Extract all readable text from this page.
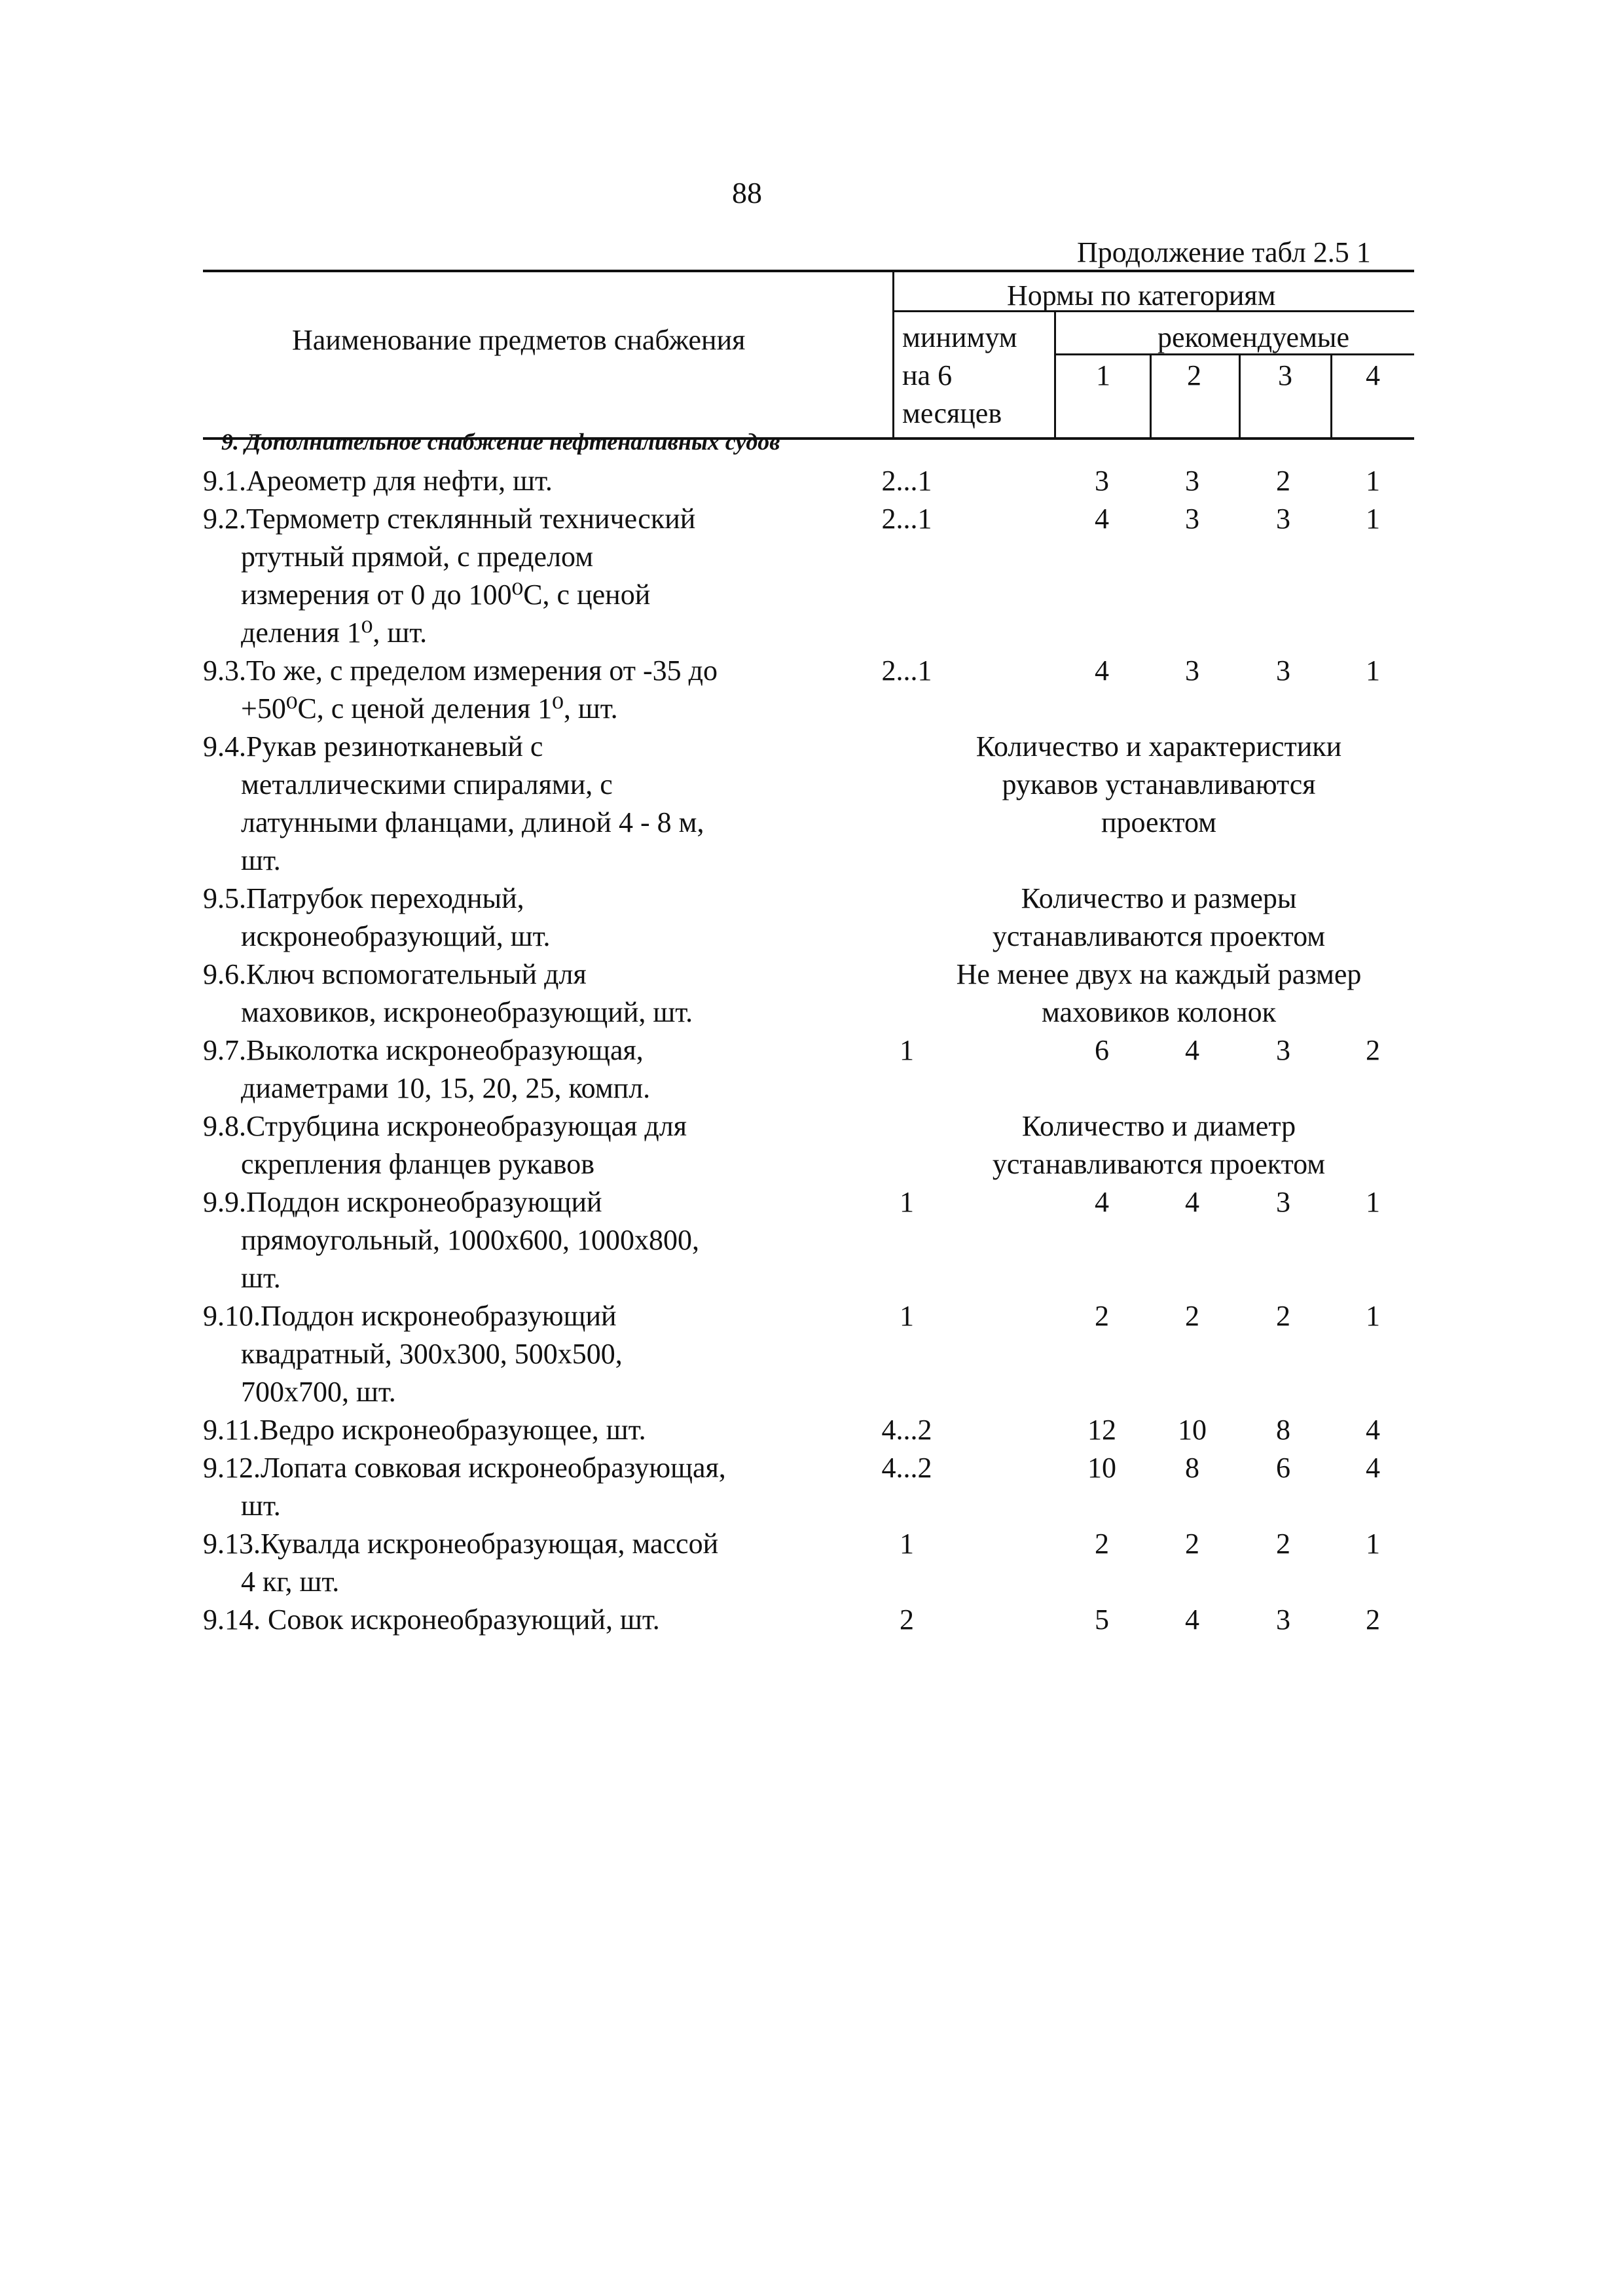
88
Продолжение табл 2.5 1
Наименование предметов снабжения
Нормы по категориям
минимум
на 6
месяцев
рекомендуемые
1	2	3	4
9. Дополнительное снабжение нефтеналивных судов
9.1.Ареометр для нефти, шт.	2...1	3	3	2	1
9.2.Термометр стеклянный технический
ртутный прямой, с пределом
измерения от 0 до 100⁰С, с ценой
деления 1⁰, шт.
2...1	4	3	3	1
9.3.То же, с пределом измерения от -35 до
+50⁰С, с ценой деления 1⁰, шт.
2...1	4	3	3	1
9.4.Рукав резинотканевый с
металлическими спиралями, с
латунными фланцами, длиной 4 - 8 м,
шт.
Количество и характеристики
рукавов устанавливаются
проектом
9.5.Патрубок переходный,
искронеобразующий, шт.
Количество и размеры
устанавливаются проектом
9.6.Ключ вспомогательный для
маховиков, искронеобразующий, шт.
Не менее двух на каждый размер
маховиков колонок
9.7.Выколотка искронеобразующая,
диаметрами 10, 15, 20, 25, компл.
1	6	4	3	2
9.8.Струбцина искронеобразующая для
скрепления фланцев рукавов
Количество и диаметр
устанавливаются проектом
9.9.Поддон искронеобразующий
прямоугольный, 1000х600, 1000х800,
шт.
1	4	4	3	1
9.10.Поддон искронеобразующий
квадратный, 300х300, 500х500,
700х700, шт.
1	2	2	2	1
9.11.Ведро искронеобразующее, шт.	4...2	12	10	8	4
9.12.Лопата совковая искронеобразующая,
шт.
4...2	10	8	6	4
9.13.Кувалда искронеобразующая, массой
4 кг, шт.
1	2	2	2	1
9.14. Совок искронеобразующий, шт.	2	5	4	3	2
